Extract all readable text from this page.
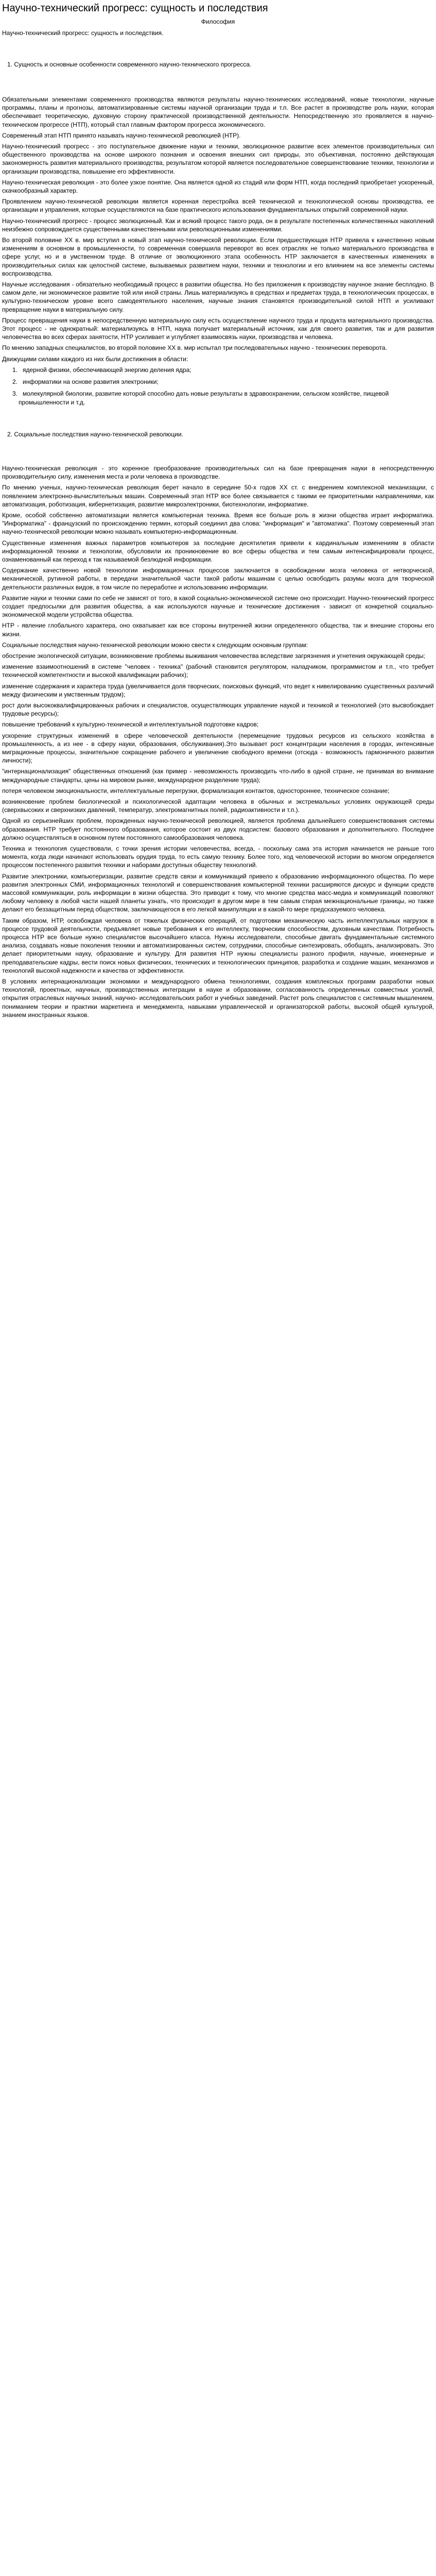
Научно-технический прогресс: сущность и последствия
Философия
Научно-технический прогресс: сущность и последствия.
1. Сущность и основные особенности современного научно-технического прогресса.

Обязательными элементами современного производства являются результаты научно-технических исследований, новые технологии, научные программы, планы и прогнозы, автоматизированные системы научной организации труда и т.п. Все растет в производстве роль науки, которая обеспечивает теоретическую, духовную сторону практической производственной деятельности. Непосредственную это проявляется в научно-техническом прогрессе (НТП), который стал главным фактором прогресса экономического.

Современный этап НТП принято называть научно-технической революцией (НТР).

Научно-технический прогресс - это поступательное движение науки и техники, эволюционное развитие всех элементов производительных сил общественного производства на основе широкого познания и освоения внешних сил природы, это объективная, постоянно действующая закономерность развития материального производства, результатом которой является последовательное совершенствование техники, технологии и организации производства, повышение его эффективности.

Научно-техническая революция - это более узкое понятие. Она является одной из стадий или форм НТП, когда последний приобретает ускоренный, скачкообразный характер.

Проявлением научно-технической революции является коренная перестройка всей технической и технологической основы производства, ее организации и управления, которые осуществляются на базе практического использования фундаментальных открытий современной науки.

Научно-технический прогресс - процесс эволюционный. Как и всякий процесс такого рода, он в результате постепенных количественных накоплений неизбежно сопровождается существенными качественными или революционными изменениями.

Во второй половине ХХ в. мир вступил в новый этап научно-технической революции. Если предшествующая НТР привела к качественно новым изменениям в основном в промышленности, то современная совершила переворот во всех отраслях не только материального производства в сфере услуг, но и в умственном труде. В отличие от эволюционного этапа особенность НТР заключается в качественных изменениях в производительных силах как целостной системе, вызываемых развитием науки, техники и технологии и его влиянием на все элементы системы воспроизводства.

Научные исследования - обязательно необходимый процесс в развитии общества. Но без приложения к производству научное знание бесплодно. В самом деле, ни экономическое развитие той или иной страны. Лишь материализуясь в средствах и предметах труда, в технологических процессах, в культурно-техническом уровне всего самодеятельного населения, научные знания становятся производительной силой НТП и усиливают превращение науки в материальную силу.

Процесс превращения науки в непосредственную материальную силу есть осуществление научного труда и продукта материального производства. Этот процесс - не однократный: материализуясь в НТП, наука получает материальный источник, как для своего развития, так и для развития человечества во всех сферах занятости, НТР усиливает и углубляет взаимосвязь науки, производства и человека.

По мнению западных специалистов, во второй половине ХХ в. мир испытал три последовательных научно - технических переворота.

Движущими силами каждого из них были достижения в области:

1. ядерной физики, обеспечивающей энергию деления ядра;
2. информатики на основе развития электроники;
3. молекулярной биологии, развитие которой способно дать новые результаты в здравоохранении, сельском хозяйстве, пищевой промышленности и т.д.
2. Социальные последствия научно-технической революции.

Научно-техническая революция - это коренное преобразование производительных сил на базе превращения науки в непосредственную производительную силу, изменения места и роли человека в производстве.

По мнению ученых, научно-техническая революция берет начало в середине 50-х годов XX ст. с внедрением комплексной механизации, с появлением электронно-вычислительных машин. Современный этап НТР все более связывается с такими ее приоритетными направлениями, как автоматизация, роботизация, кибернетизация, развитие микроэлектроники, биотехнологии, информатике.

Кроме, особой собственно автоматизации является компьютерная техника. Время все больше роль в жизни общества играет информатика. "Информатика" - французский по происхождению термин, который соединил два слова: "информация" и "автоматика". Поэтому современный этап научно-технической революции можно называть компьютерно-информационным.

Существенные изменения важных параметров компьютеров за последние десятилетия привели к кардинальным изменениям в области информационной техники и технологии, обусловили их проникновение во все сферы общества и тем самым интенсифицировали процесс, ознаменованный как переход к так называемой безлюдной информации.

Содержание качественно новой технологии информационных процессов заключается в освобождении мозга человека от нетворческой, механической, рутинной работы, в передачи значительной части такой работы машинам с целью освободить разумы мозга для творческой деятельности различных видов, в том числе по переработке и использованию информации.

Развитие науки и техники сами по себе не зависят от того, в какой социально-экономической системе оно происходит. Научно-технический прогресс создает предпосылки для развития общества, а как используются научные и технические достижения - зависит от конкретной социально-экономической модели устройства общества.

НТР - явление глобального характера, оно охватывает как все стороны внутренней жизни определенного общества, так и внешние стороны его жизни.

Социальные последствия научно-технической революции можно свести к следующим основным группам:

обострение экологической ситуации, возникновение проблемы выживания человечества вследствие загрязнения и угнетения окружающей среды;

изменение взаимоотношений в системе "человек - техника" (рабочий становится регулятором, наладчиком, программистом и т.п., что требует технической компетентности и высокой квалификации рабочих);

изменение содержания и характера труда (увеличивается доля творческих, поисковых функций, что ведет к нивелированию существенных различий между физическим и умственным трудом);

рост доли высококвалифицированных рабочих и специалистов, осуществляющих управление наукой и техникой и технологией (это высвобождает трудовые ресурсы);

повышение требований к культурно-технической и интеллектуальной подготовке кадров;

ускорение структурных изменений в сфере человеческой деятельности (перемещение трудовых ресурсов из сельского хозяйства в промышленность, а из нее - в сферу науки, образования, обслуживания).Это вызывает рост концентрации населения в городах, интенсивные миграционные процессы, значительное сокращение рабочего и увеличение свободного времени (отсюда - возможность гармоничного развития личности);

"интернационализация" общественных отношений (как пример - невозможность производить что-либо в одной стране, не принимая во внимание международные стандарты, цены на мировом рынке, международное разделение труда);

потеря человеком эмоциональности, интеллектуальные перегрузки, формализация контактов, одностороннее, техническое сознание;

возникновение проблем биологической и психологической адаптации человека в обычных и экстремальных условиях окружающей среды (сверхвысоких и сверхнизких давлений, температур, электромагнитных полей, радиоактивности и т.п.).

Одной из серьезнейших проблем, порожденных научно-технической революцией, является проблема дальнейшего совершенствования системы образования. НТР требует постоянного образования, которое состоит из двух подсистем: базового образования и дополнительного. Последнее должно осуществляться в основном путем постоянного самообразования человека.

Техника и технология существовали, с точки зрения истории человечества, всегда, - поскольку сама эта история начинается не раньше того момента, когда люди начинают использовать орудия труда, то есть самую технику. Более того, ход человеческой истории во многом определяется процессом постепенного развития техники и наборами доступных обществу технологий.

Развитие электроники, компьютеризации, развитие средств связи и коммуникаций привело к образованию информационного общества. По мере развития электронных СМИ, информационных технологий и совершенствования компьютерной техники расширяются дискурс и функции средств массовой коммуникации, роль информации в жизни общества. Это приводит к тому, что многие средства масс-медиа и коммуникаций позволяют любому человеку в любой части нашей планеты узнать, что происходит в другом мире в тем самым стирая межнациональные границы, но также делают его беззащитным перед обществом, заключающегося в его легкой манипуляции и в какой-то мере предсказуемого человека.

Таким образом, НТР, освобождая человека от тяжелых физических операций, от подготовки механическую часть интеллектуальных нагрузок в процессе трудовой деятельности, предъявляет новые требования к его интеллекту, творческим способностям, духовным качествам. Потребность процесса НТР все больше нужно специалистов высочайшего класса. Нужны исследователи, способные двигать фундаментальные системного анализа, создавать новые поколения техники и автоматизированных систем, сотрудники, способные синтезировать, обобщать, анализировать. Это делает приоритетными науку, образование и культуру. Для развития НТР нужны специалисты разного профиля, научные, инженерные и преподавательские кадры, вести поиск новых физических, технических и технологических принципов, разработка и создание машин, механизмов и технологий высокой надежности и качества от эффективности.

В условиях интернационализации экономики и международного обмена технологиями, создания комплексных программ разработки новых технологий, проектных, научных, производственных интеграции в науке и образовании, согласованность определенных совместных усилий, открытия отраслевых научных знаний, научно- исследовательских работ и учебных заведений. Растет роль специалистов с системным мышлением, пониманием теории и практики маркетинга и менеджмента, навыками управленческой и организаторской работы, высокой общей культурой, знанием иностранных языков.
